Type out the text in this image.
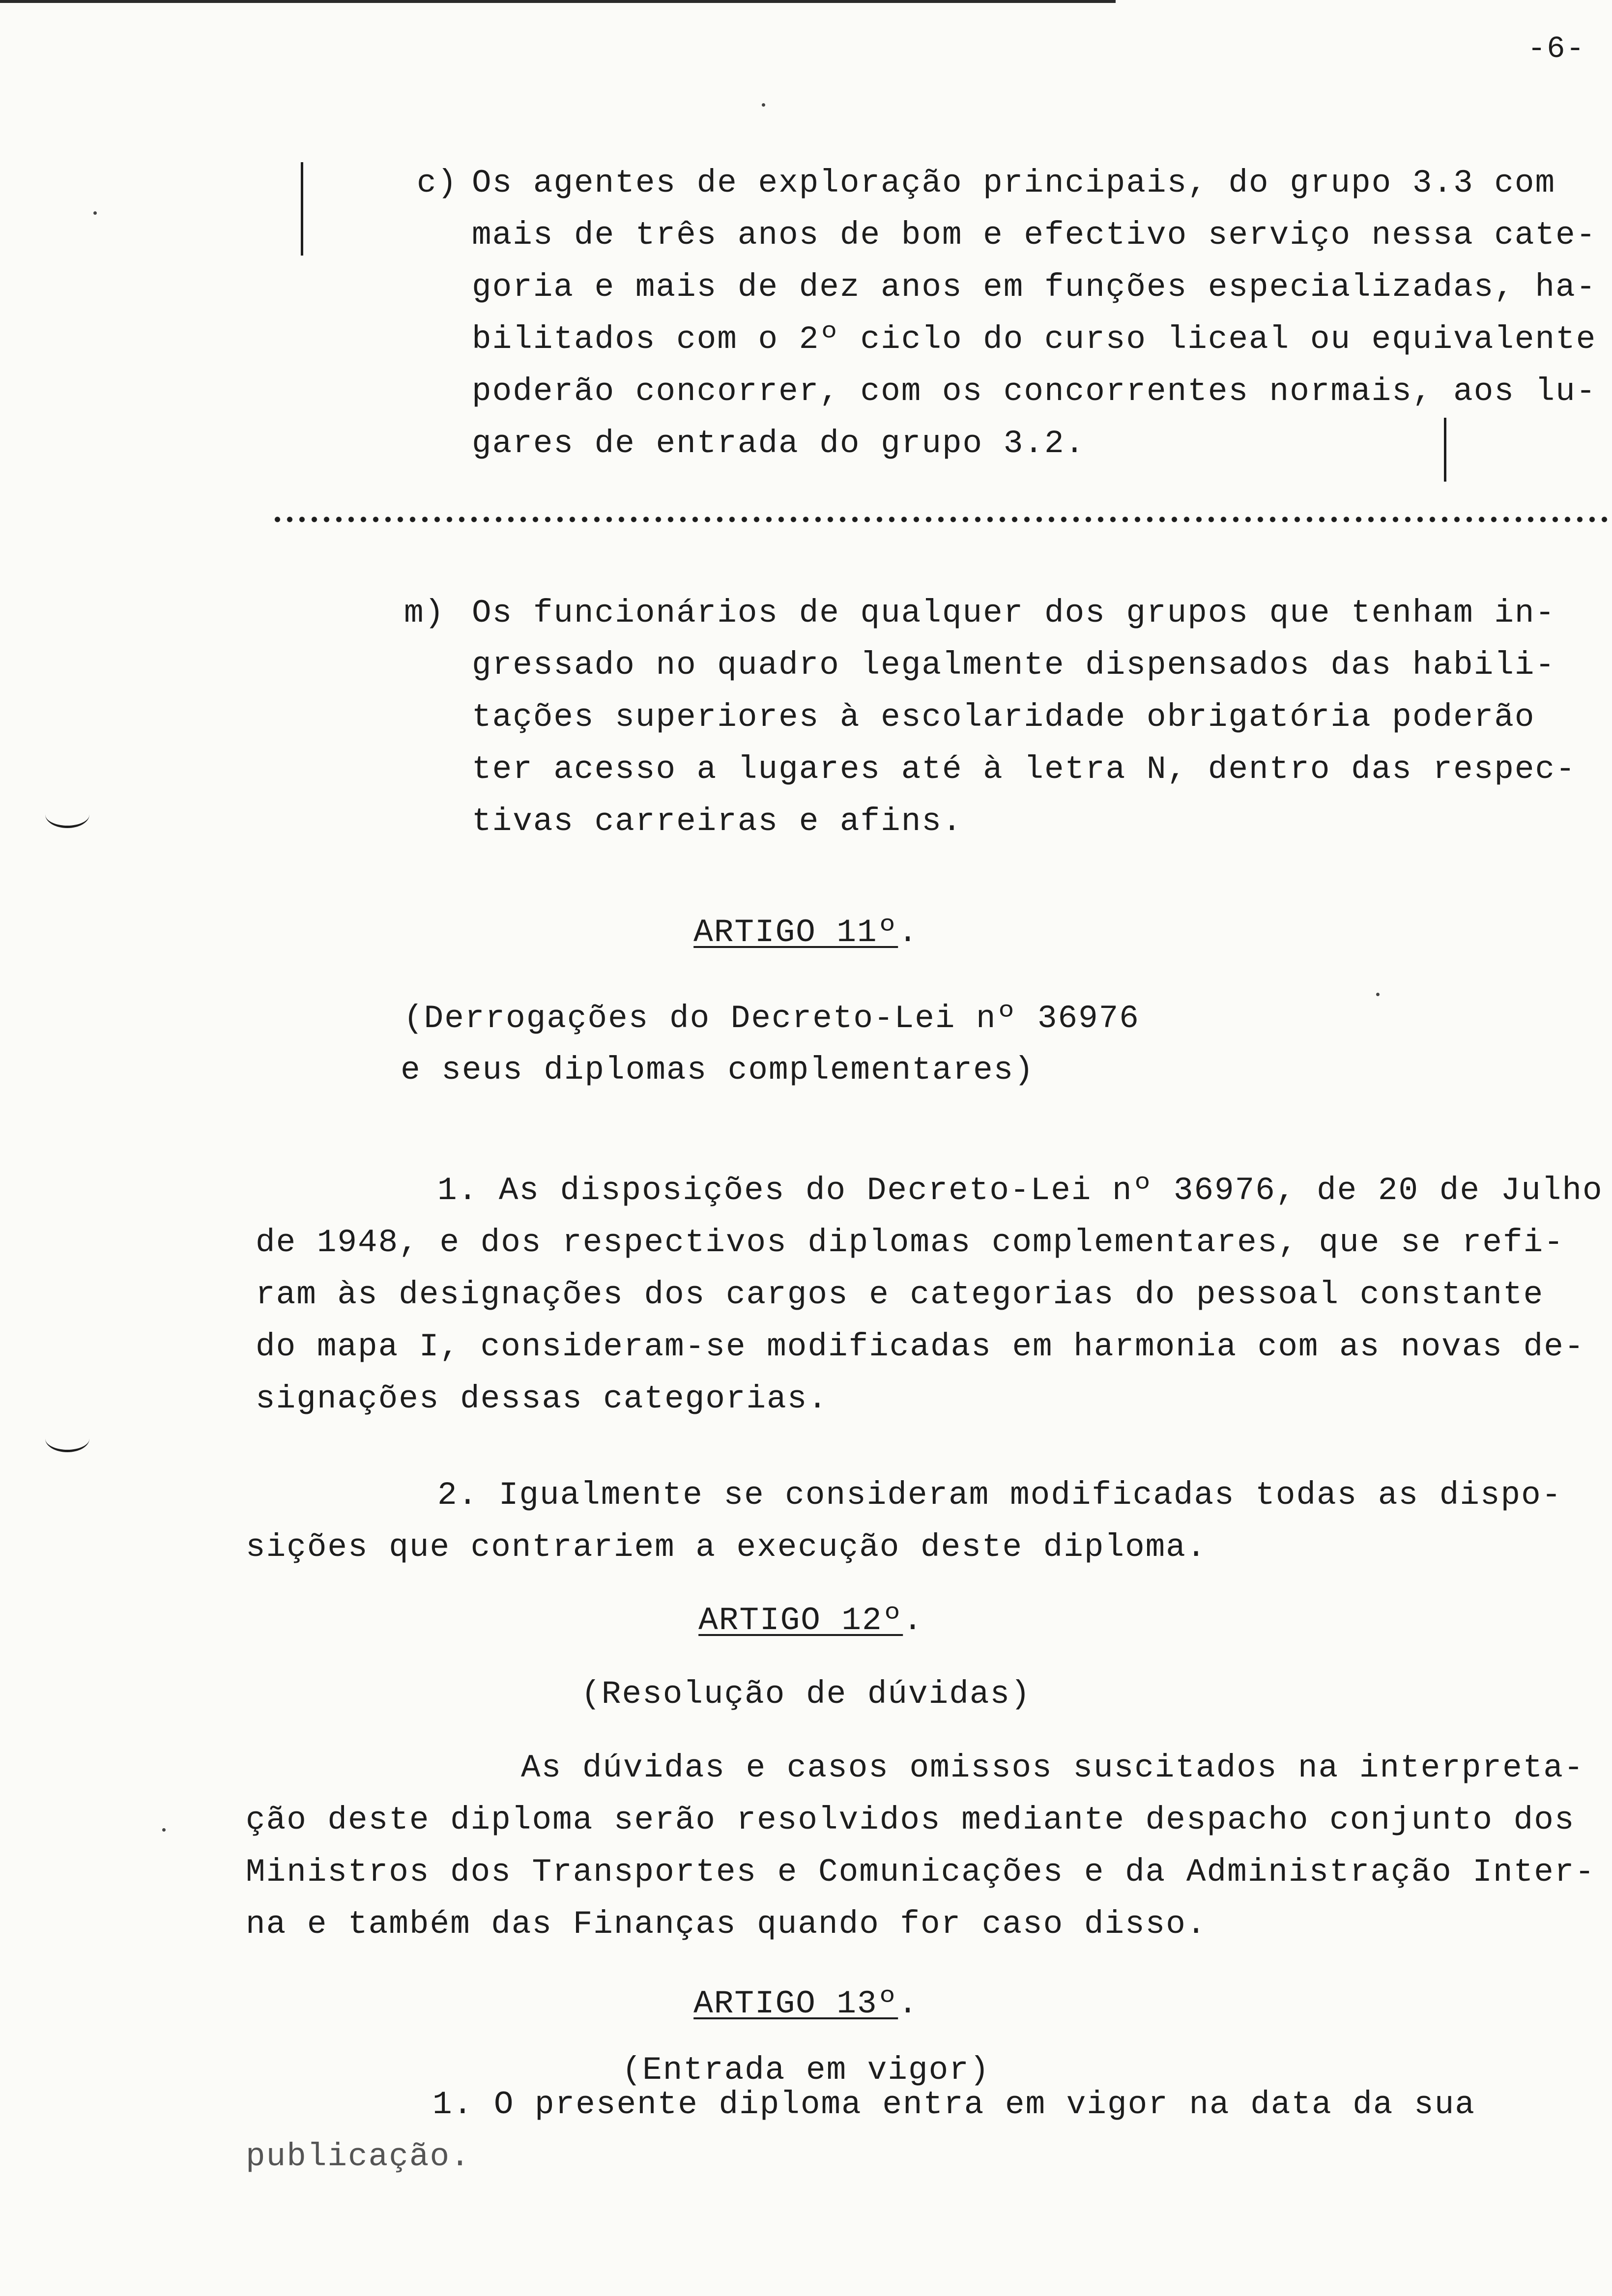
-6-
c) Os agentes de exploração principais, do grupo 3.3 com
mais de três anos de bom e efectivo serviço nessa cate-
goria e mais de dez anos em funções especializadas, ha-
bilitados com o 2º ciclo do curso liceal ou equivalente
poderão concorrer, com os concorrentes normais, aos lu-
gares de entrada do grupo 3.2.
m) Os funcionários de qualquer dos grupos que tenham in-
gressado no quadro legalmente dispensados das habili-
tações superiores à escolaridade obrigatória poderão
ter acesso a lugares até à letra N, dentro das respec-
tivas carreiras e afins.
ARTIGO 11º.
(Derrogações do Decreto-Lei nº 36976
e seus diplomas complementares)
1. As disposições do Decreto-Lei nº 36976, de 20 de Julho
de 1948, e dos respectivos diplomas complementares, que se refi-
ram às designações dos cargos e categorias do pessoal constante
do mapa I, consideram-se modificadas em harmonia com as novas de-
signações dessas categorias.
2. Igualmente se consideram modificadas todas as dispo-
sições que contrariem a execução deste diploma.
ARTIGO 12º.
(Resolução de dúvidas)
As dúvidas e casos omissos suscitados na interpreta-
ção deste diploma serão resolvidos mediante despacho conjunto dos
Ministros dos Transportes e Comunicações e da Administração Inter-
na e também das Finanças quando for caso disso.
ARTIGO 13º.
(Entrada em vigor)
1. O presente diploma entra em vigor na data da sua
publicação.
